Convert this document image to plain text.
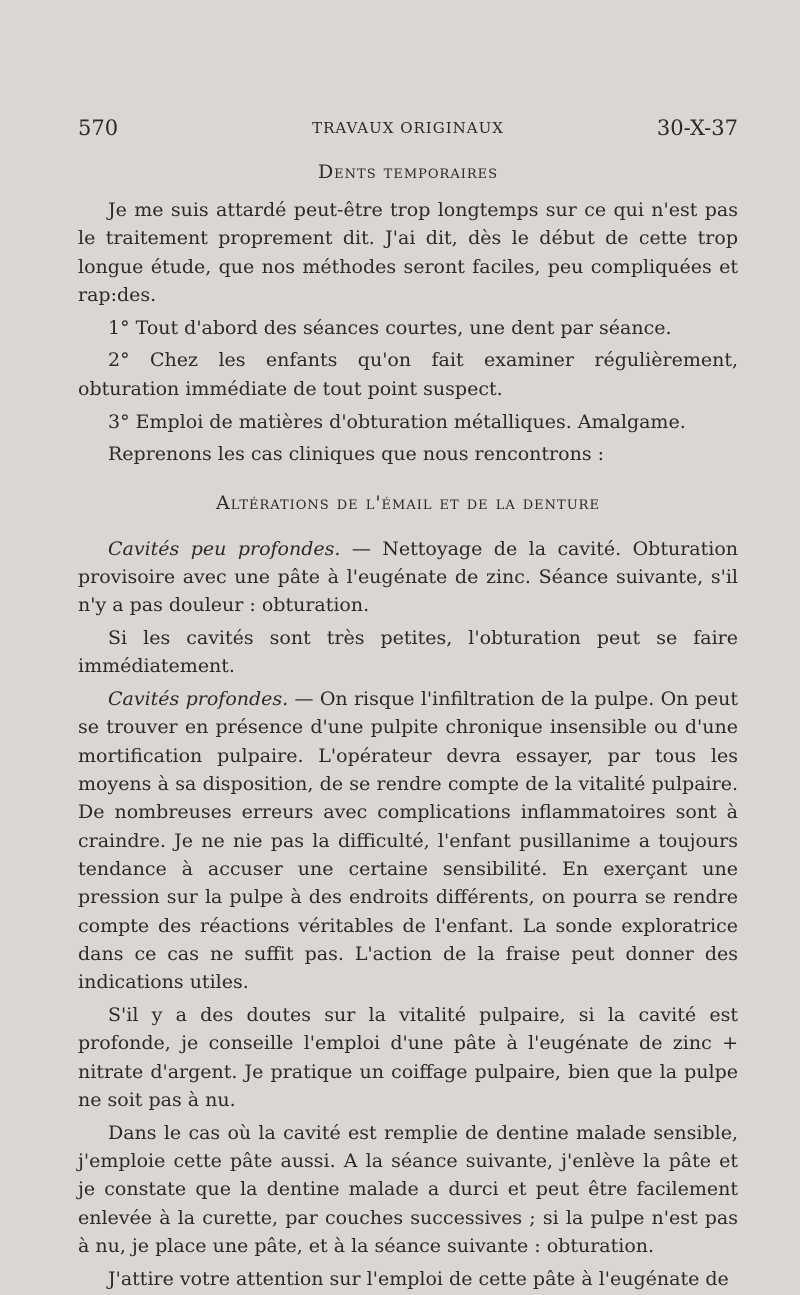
570	TRAVAUX ORIGINAUX	30-X-37
Dents temporaires

Je me suis attardé peut-être trop longtemps sur ce qui n'est pas le traitement proprement dit. J'ai dit, dès le début de cette trop longue étude, que nos méthodes seront faciles, peu compliquées et rap:des.

1° Tout d'abord des séances courtes, une dent par séance.

2° Chez les enfants qu'on fait examiner régulièrement, obturation immédiate de tout point suspect.

3° Emploi de matières d'obturation métalliques. Amalgame.

Reprenons les cas cliniques que nous rencontrons :

Altérations de l'émail et de la denture

Cavités peu profondes. — Nettoyage de la cavité. Obturation provisoire avec une pâte à l'eugénate de zinc. Séance suivante, s'il n'y a pas douleur : obturation.

Si les cavités sont très petites, l'obturation peut se faire immédiatement.

Cavités profondes. — On risque l'infiltration de la pulpe. On peut se trouver en présence d'une pulpite chronique insensible ou d'une mortification pulpaire. L'opérateur devra essayer, par tous les moyens à sa disposition, de se rendre compte de la vitalité pulpaire. De nombreuses erreurs avec complications inflammatoires sont à craindre. Je ne nie pas la difficulté, l'enfant pusillanime a toujours tendance à accuser une certaine sensibilité. En exerçant une pression sur la pulpe à des endroits différents, on pourra se rendre compte des réactions véritables de l'enfant. La sonde exploratrice dans ce cas ne suffit pas. L'action de la fraise peut donner des indications utiles.

S'il y a des doutes sur la vitalité pulpaire, si la cavité est profonde, je conseille l'emploi d'une pâte à l'eugénate de zinc + nitrate d'argent. Je pratique un coiffage pulpaire, bien que la pulpe ne soit pas à nu.

Dans le cas où la cavité est remplie de dentine malade sensible, j'emploie cette pâte aussi. A la séance suivante, j'enlève la pâte et je constate que la dentine malade a durci et peut être facilement enlevée à la curette, par couches successives ; si la pulpe n'est pas à nu, je place une pâte, et à la séance suivante : obturation.

J'attire votre attention sur l'emploi de cette pâte à l'eugénate de
